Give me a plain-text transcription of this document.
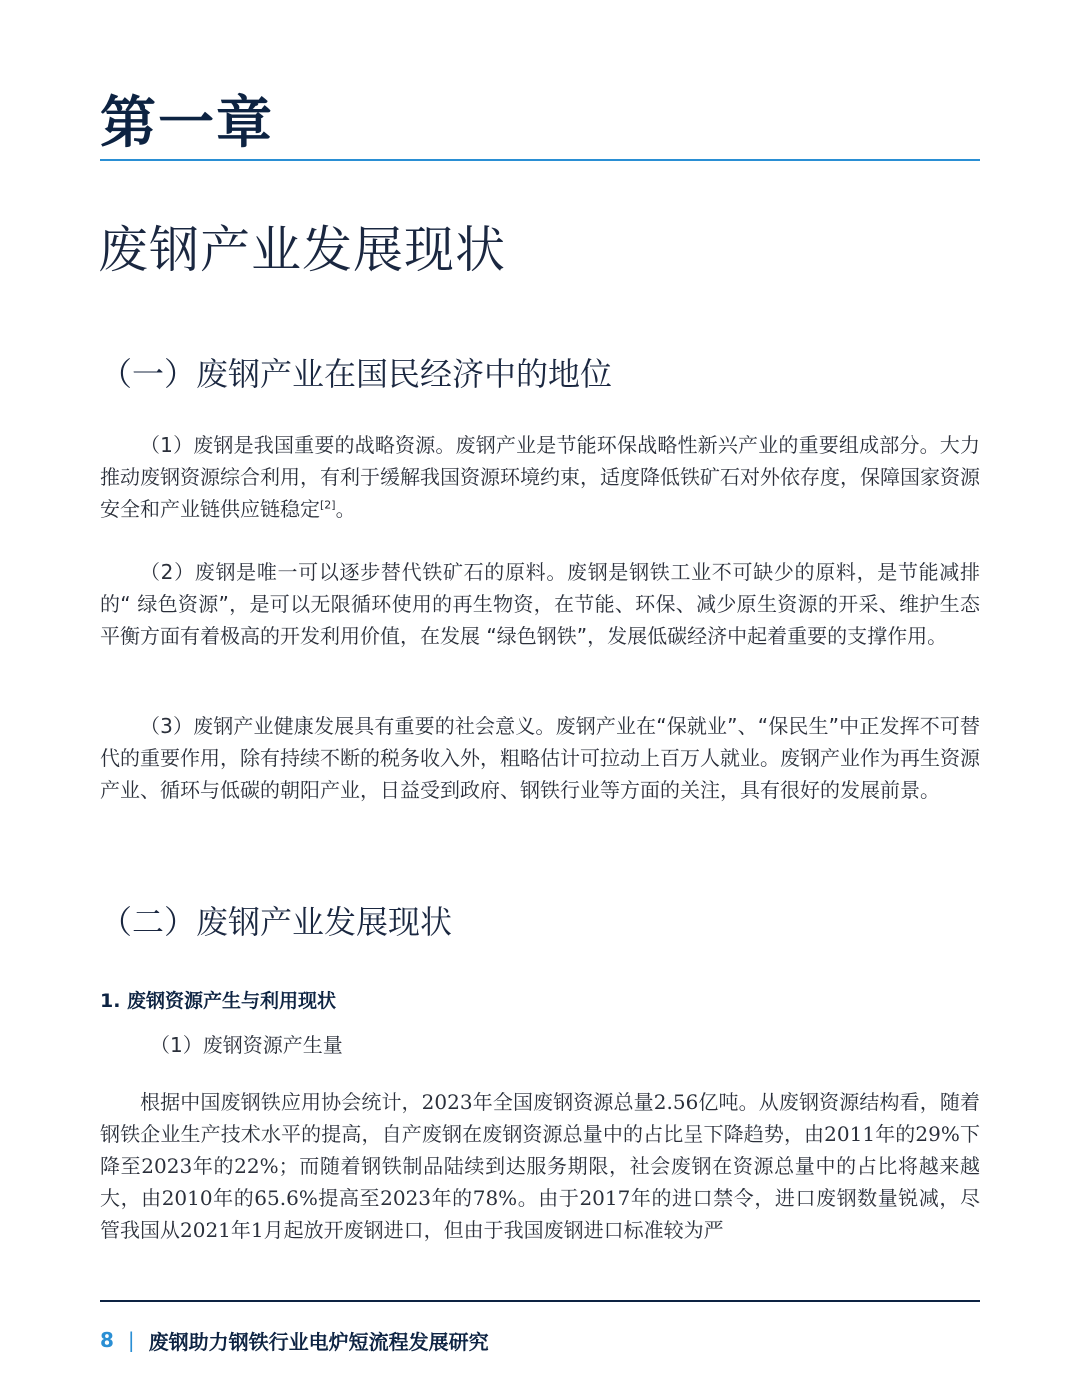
第一章
废钢产业发展现状
（一）废钢产业在国民经济中的地位

（1）废钢是我国重要的战略资源。废钢产业是节能环保战略性新兴产业的重要组成部分。大力推动废钢资源综合利用，有利于缓解我国资源环境约束，适度降低铁矿石对外依存度，保障国家资源安全和产业链供应链稳定[2]。

（2）废钢是唯一可以逐步替代铁矿石的原料。废钢是钢铁工业不可缺少的原料，是节能减排的“ 绿色资源”，是可以无限循环使用的再生物资，在节能、环保、减少原生资源的开采、维护生态平衡方面有着极高的开发利用价值，在发展 “绿色钢铁”，发展低碳经济中起着重要的支撑作用。

（3）废钢产业健康发展具有重要的社会意义。废钢产业在“保就业”、“保民生”中正发挥不可替代的重要作用，除有持续不断的税务收入外，粗略估计可拉动上百万人就业。废钢产业作为再生资源产业、循环与低碳的朝阳产业，日益受到政府、钢铁行业等方面的关注，具有很好的发展前景。

（二）废钢产业发展现状
1. 废钢资源产生与利用现状
（1）废钢资源产生量

根据中国废钢铁应用协会统计，2023年全国废钢资源总量2.56亿吨。从废钢资源结构看，随着钢铁企业生产技术水平的提高，自产废钢在废钢资源总量中的占比呈下降趋势，由2011年的29%下降至2023年的22%；而随着钢铁制品陆续到达服务期限，社会废钢在资源总量中的占比将越来越大，由2010年的65.6%提高至2023年的78%。由于2017年的进口禁令，进口废钢数量锐减，尽管我国从2021年1月起放开废钢进口，但由于我国废钢进口标准较为严

8 | 废钢助力钢铁行业电炉短流程发展研究
